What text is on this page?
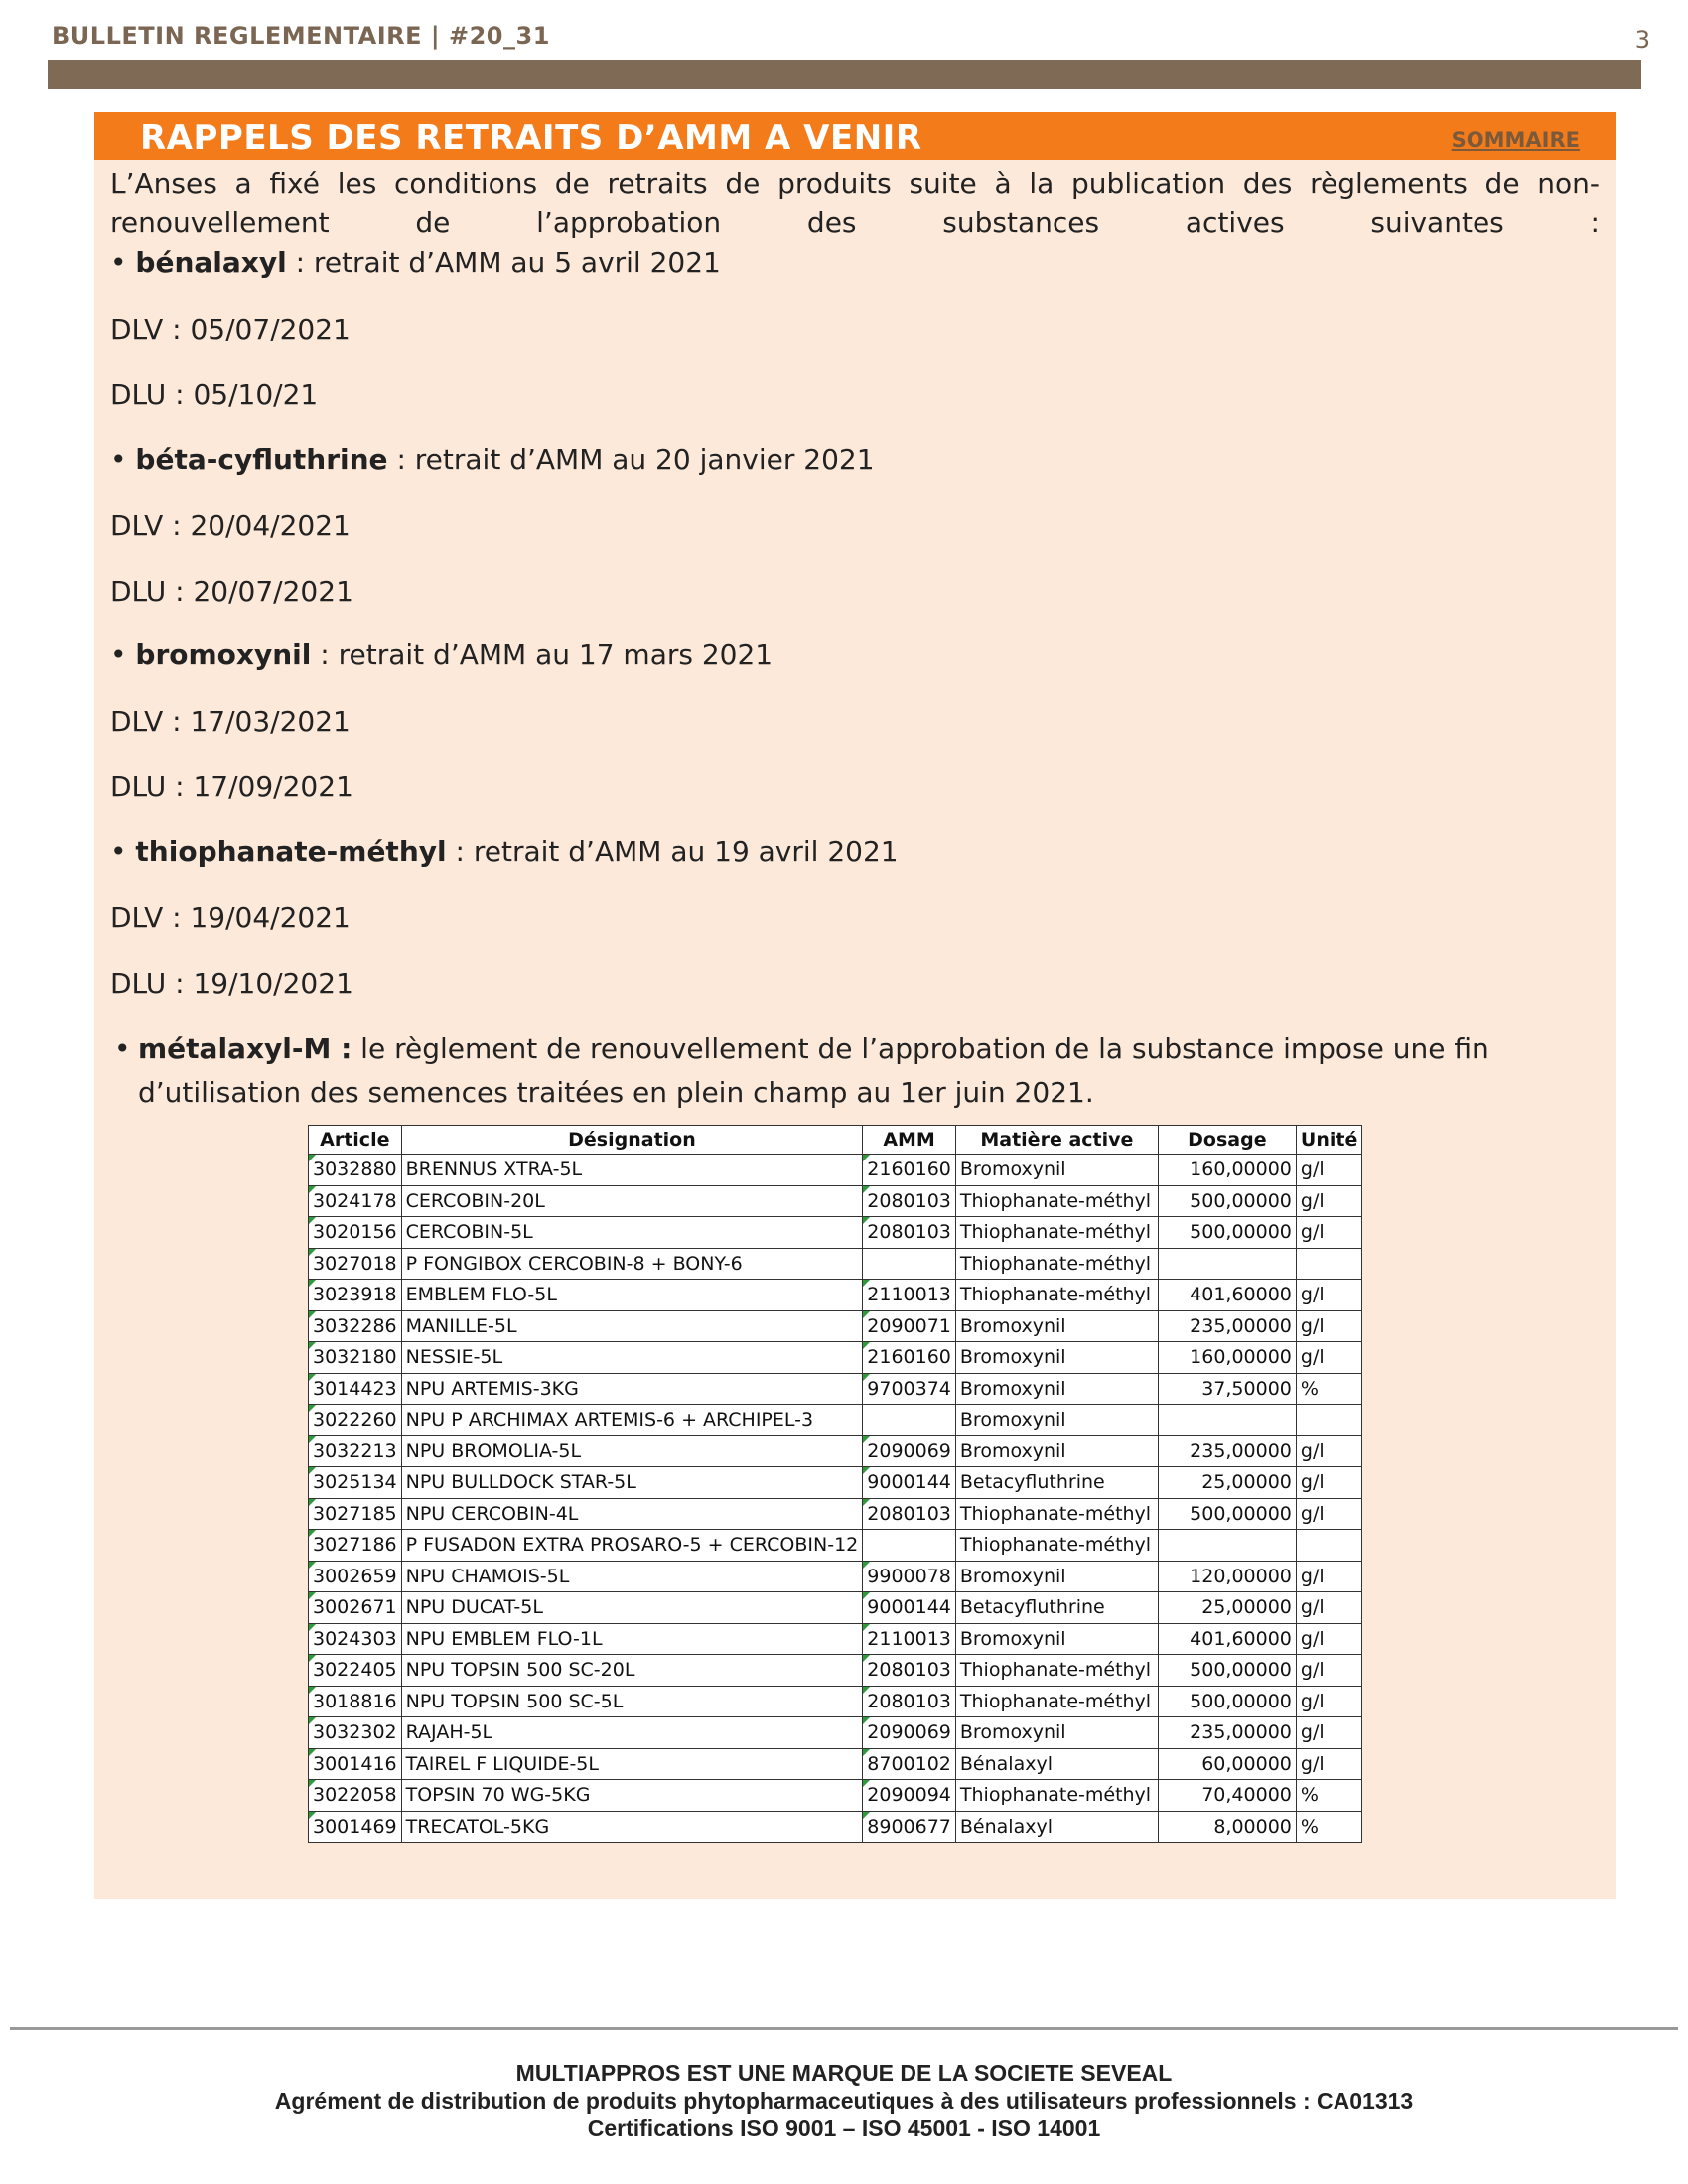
BULLETIN REGLEMENTAIRE | #20_31	3
RAPPELS DES RETRAITS D’AMM A VENIR	SOMMAIRE
L’Anses a fixé les conditions de retraits de produits suite à la publication des règlements de non-
renouvellement de l’approbation des substances actives suivantes :
• bénalaxyl : retrait d’AMM au 5 avril 2021
DLV : 05/07/2021
DLU : 05/10/21
• béta-cyfluthrine : retrait d’AMM au 20 janvier 2021
DLV : 20/04/2021
DLU : 20/07/2021
• bromoxynil : retrait d’AMM au 17 mars 2021
DLV : 17/03/2021
DLU : 17/09/2021
• thiophanate-méthyl : retrait d’AMM au 19 avril 2021
DLV : 19/04/2021
DLU : 19/10/2021
• métalaxyl-M : le règlement de renouvellement de l’approbation de la substance impose une fin d’utilisation des semences traitées en plein champ au 1er juin 2021.
Article	Désignation	AMM	Matière active	Dosage	Unité
3032880	BRENNUS XTRA-5L	2160160	Bromoxynil	160,00000	g/l
3024178	CERCOBIN-20L	2080103	Thiophanate-méthyl	500,00000	g/l
3020156	CERCOBIN-5L	2080103	Thiophanate-méthyl	500,00000	g/l
3027018	P FONGIBOX CERCOBIN-8 + BONY-6		Thiophanate-méthyl		
3023918	EMBLEM FLO-5L	2110013	Thiophanate-méthyl	401,60000	g/l
3032286	MANILLE-5L	2090071	Bromoxynil	235,00000	g/l
3032180	NESSIE-5L	2160160	Bromoxynil	160,00000	g/l
3014423	NPU ARTEMIS-3KG	9700374	Bromoxynil	37,50000	%
3022260	NPU P ARCHIMAX ARTEMIS-6 + ARCHIPEL-3		Bromoxynil		
3032213	NPU BROMOLIA-5L	2090069	Bromoxynil	235,00000	g/l
3025134	NPU BULLDOCK STAR-5L	9000144	Betacyfluthrine	25,00000	g/l
3027185	NPU CERCOBIN-4L	2080103	Thiophanate-méthyl	500,00000	g/l
3027186	P FUSADON EXTRA PROSARO-5 + CERCOBIN-12		Thiophanate-méthyl		
3002659	NPU CHAMOIS-5L	9900078	Bromoxynil	120,00000	g/l
3002671	NPU DUCAT-5L	9000144	Betacyfluthrine	25,00000	g/l
3024303	NPU EMBLEM FLO-1L	2110013	Bromoxynil	401,60000	g/l
3022405	NPU TOPSIN 500 SC-20L	2080103	Thiophanate-méthyl	500,00000	g/l
3018816	NPU TOPSIN 500 SC-5L	2080103	Thiophanate-méthyl	500,00000	g/l
3032302	RAJAH-5L	2090069	Bromoxynil	235,00000	g/l
3001416	TAIREL F LIQUIDE-5L	8700102	Bénalaxyl	60,00000	g/l
3022058	TOPSIN 70 WG-5KG	2090094	Thiophanate-méthyl	70,40000	%
3001469	TRECATOL-5KG	8900677	Bénalaxyl	8,00000	%
MULTIAPPROS EST UNE MARQUE DE LA SOCIETE SEVEAL
Agrément de distribution de produits phytopharmaceutiques à des utilisateurs professionnels : CA01313
Certifications ISO 9001 – ISO 45001 - ISO 14001
